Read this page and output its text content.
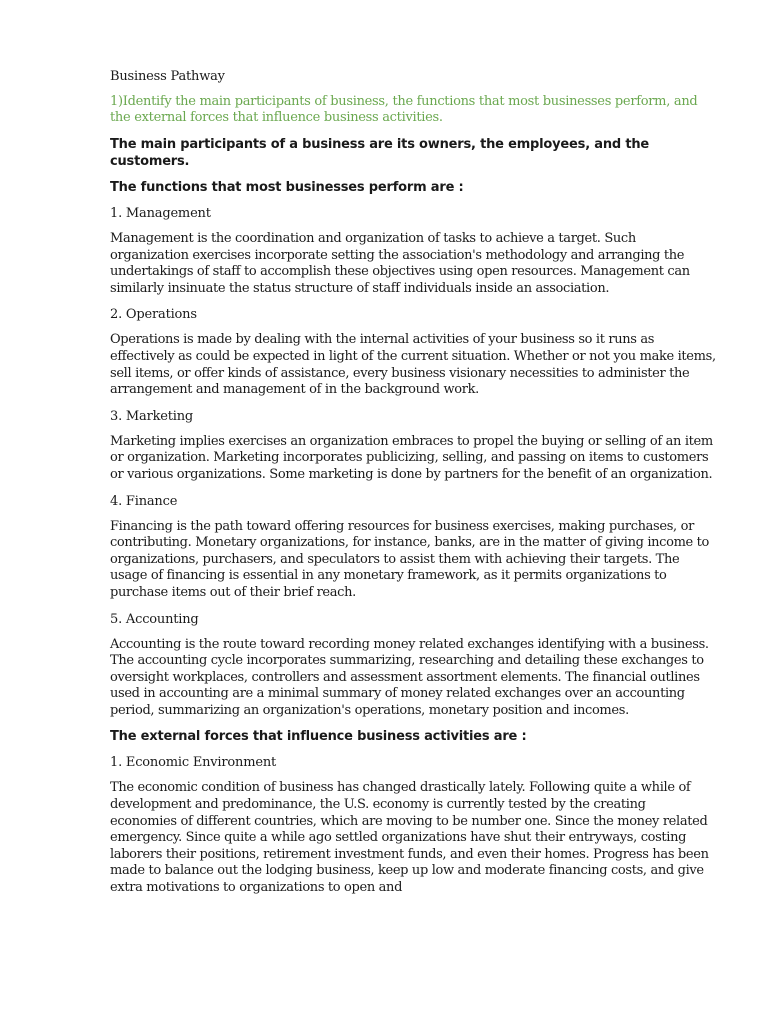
Business Pathway

1)Identify the main participants of business, the functions that most businesses perform, and the external forces that influence business activities.

The main participants of a business are its owners, the employees, and the customers.

The functions that most businesses perform are :

1. Management

Management is the coordination and organization of tasks to achieve a target. Such organization exercises incorporate setting the association's methodology and arranging the undertakings of staff to accomplish these objectives using open resources. Management can similarly insinuate the status structure of staff individuals inside an association.

2. Operations

Operations is made by dealing with the internal activities of your business so it runs as effectively as could be expected in light of the current situation. Whether or not you make items, sell items, or offer kinds of assistance, every business visionary necessities to administer the arrangement and management of in the background work.

3. Marketing

Marketing implies exercises an organization embraces to propel the buying or selling of an item or organization. Marketing incorporates publicizing, selling, and passing on items to customers or various organizations. Some marketing is done by partners for the benefit of an organization.

4. Finance

Financing is the path toward offering resources for business exercises, making purchases, or contributing. Monetary organizations, for instance, banks, are in the matter of giving income to organizations, purchasers, and speculators to assist them with achieving their targets. The usage of financing is essential in any monetary framework, as it permits organizations to purchase items out of their brief reach.

5. Accounting

Accounting is the route toward recording money related exchanges identifying with a business. The accounting cycle incorporates summarizing, researching and detailing these exchanges to oversight workplaces, controllers and assessment assortment elements. The financial outlines used in accounting are a minimal summary of money related exchanges over an accounting period, summarizing an organization's operations, monetary position and incomes.

The external forces that influence business activities are :

1. Economic Environment

The economic condition of business has changed drastically lately. Following quite a while of development and predominance, the U.S. economy is currently tested by the creating economies of different countries, which are moving to be number one. Since the money related emergency. Since quite a while ago settled organizations have shut their entryways, costing laborers their positions, retirement investment funds, and even their homes. Progress has been made to balance out the lodging business, keep up low and moderate financing costs, and give extra motivations to organizations to open and
